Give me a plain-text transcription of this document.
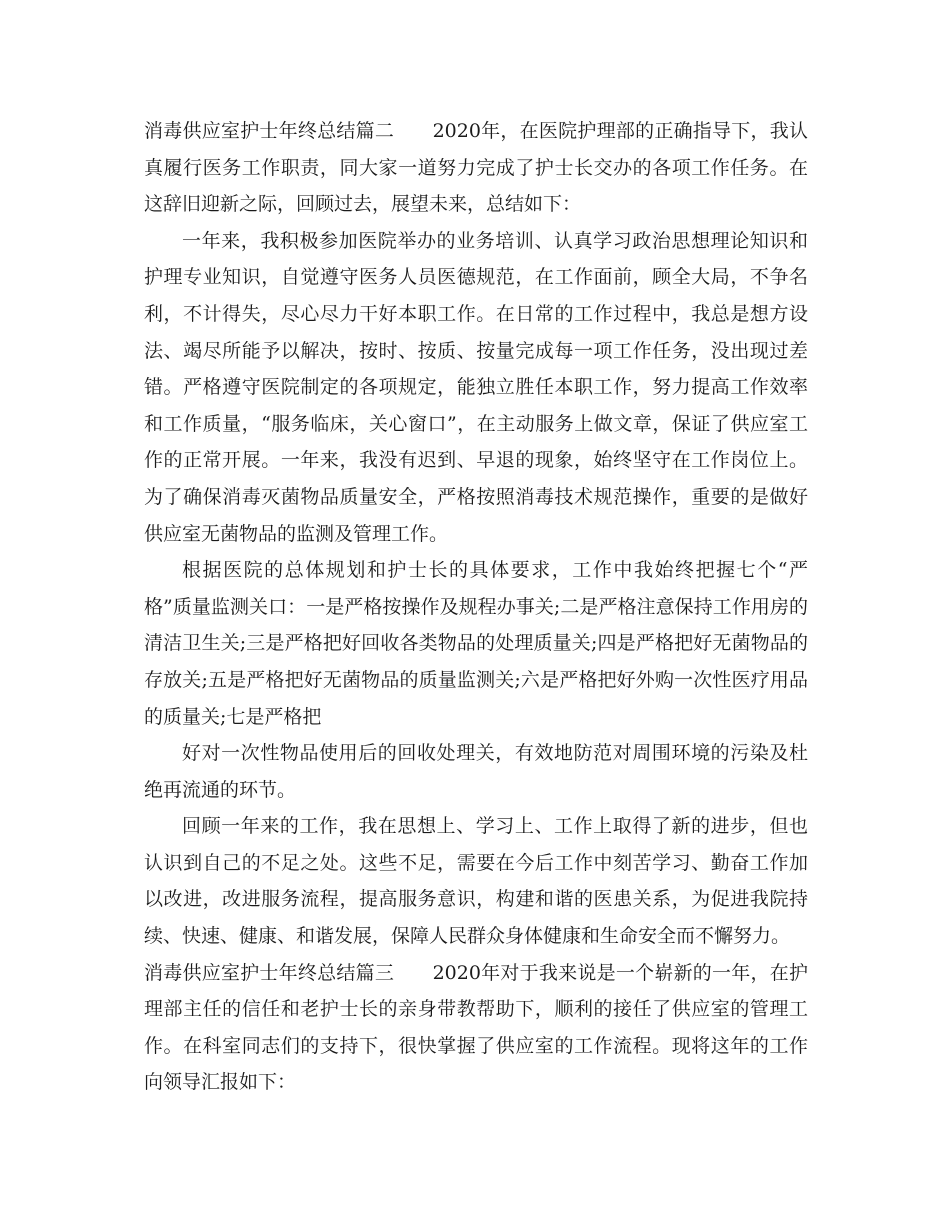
消毒供应室护士年终总结篇二　　2020年，在医院护理部的正确指导下，我认真履行医务工作职责，同大家一道努力完成了护士长交办的各项工作任务。在这辞旧迎新之际，回顾过去，展望未来，总结如下：

一年来，我积极参加医院举办的业务培训、认真学习政治思想理论知识和护理专业知识，自觉遵守医务人员医德规范，在工作面前，顾全大局，不争名利，不计得失，尽心尽力干好本职工作。在日常的工作过程中，我总是想方设法、竭尽所能予以解决，按时、按质、按量完成每一项工作任务，没出现过差错。严格遵守医院制定的各项规定，能独立胜任本职工作，努力提高工作效率和工作质量，“服务临床，关心窗口”，在主动服务上做文章，保证了供应室工作的正常开展。一年来，我没有迟到、早退的现象，始终坚守在工作岗位上。为了确保消毒灭菌物品质量安全，严格按照消毒技术规范操作，重要的是做好供应室无菌物品的监测及管理工作。

根据医院的总体规划和护士长的具体要求，工作中我始终把握七个“严格”质量监测关口：一是严格按操作及规程办事关;二是严格注意保持工作用房的清洁卫生关;三是严格把好回收各类物品的处理质量关;四是严格把好无菌物品的存放关;五是严格把好无菌物品的质量监测关;六是严格把好外购一次性医疗用品的质量关;七是严格把

好对一次性物品使用后的回收处理关，有效地防范对周围环境的污染及杜绝再流通的环节。

回顾一年来的工作，我在思想上、学习上、工作上取得了新的进步，但也认识到自己的不足之处。这些不足，需要在今后工作中刻苦学习、勤奋工作加以改进，改进服务流程，提高服务意识，构建和谐的医患关系，为促进我院持续、快速、健康、和谐发展，保障人民群众身体健康和生命安全而不懈努力。

消毒供应室护士年终总结篇三　　2020年对于我来说是一个崭新的一年，在护理部主任的信任和老护士长的亲身带教帮助下，顺利的接任了供应室的管理工作。在科室同志们的支持下，很快掌握了供应室的工作流程。现将这年的工作向领导汇报如下：
